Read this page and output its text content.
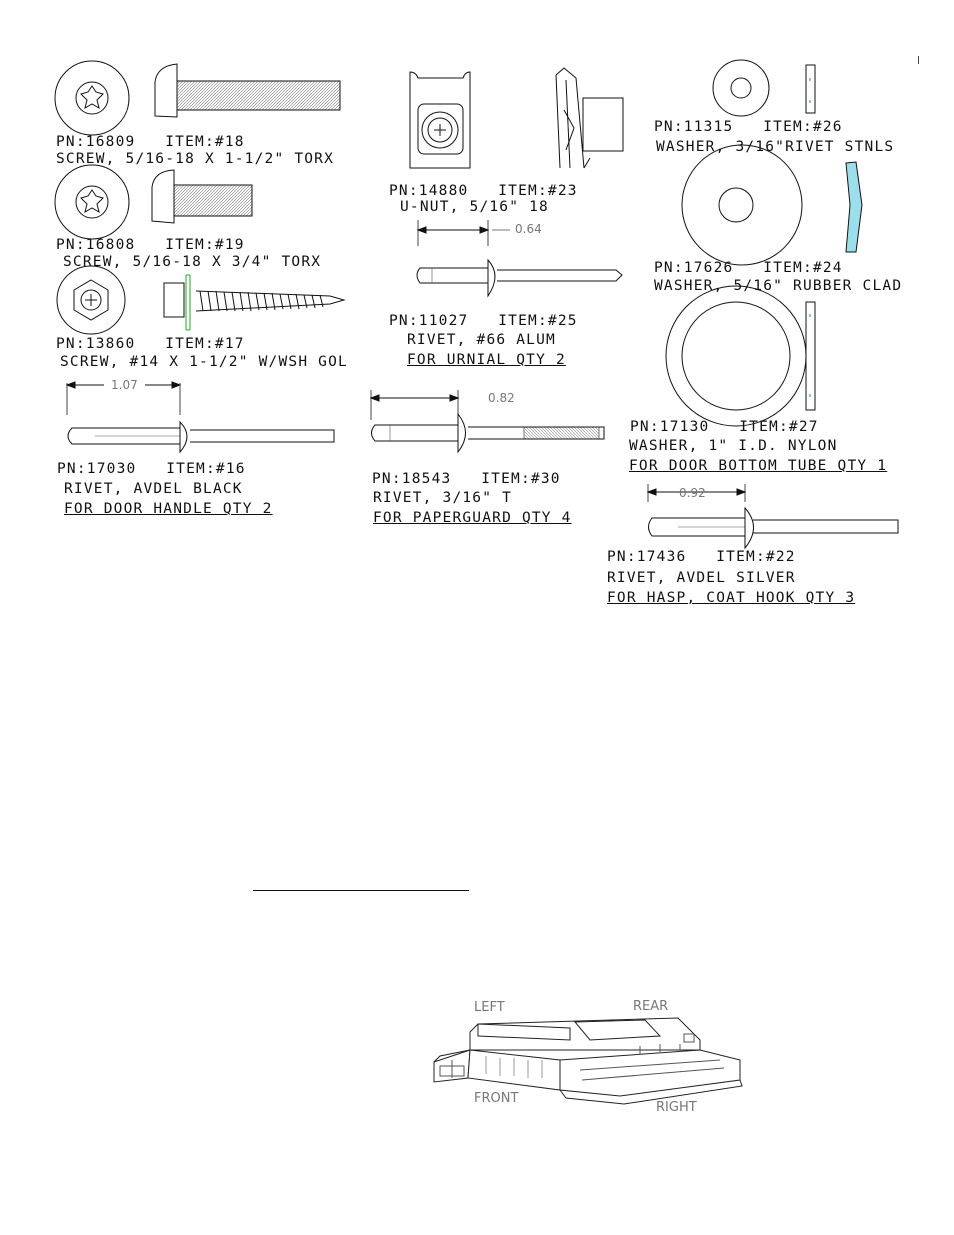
PN:16809 ITEM:#18
SCREW, 5/16-18 X 1-1/2" TORX
PN:16808 ITEM:#19
SCREW, 5/16-18 X 3/4" TORX
PN:13860 ITEM:#17
SCREW, #14 X 1-1/2" W/WSH GOL
1.07
PN:17030 ITEM:#16
RIVET, AVDEL BLACK
FOR DOOR HANDLE QTY 2
PN:14880 ITEM:#23
U-NUT, 5/16" 18
0.64
PN:11027 ITEM:#25
RIVET, #66 ALUM
FOR URNIAL QTY 2
0.82
PN:18543 ITEM:#30
RIVET, 3/16" T
FOR PAPERGUARD QTY 4
PN:11315 ITEM:#26
WASHER, 3/16"RIVET STNLS
PN:17626 ITEM:#24
WASHER, 5/16" RUBBER CLAD
PN:17130 ITEM:#27
WASHER, 1" I.D. NYLON
FOR DOOR BOTTOM TUBE QTY 1
0.92
PN:17436 ITEM:#22
RIVET, AVDEL SILVER
FOR HASP, COAT HOOK QTY 3
LEFT	REAR
FRONT
RIGHT
